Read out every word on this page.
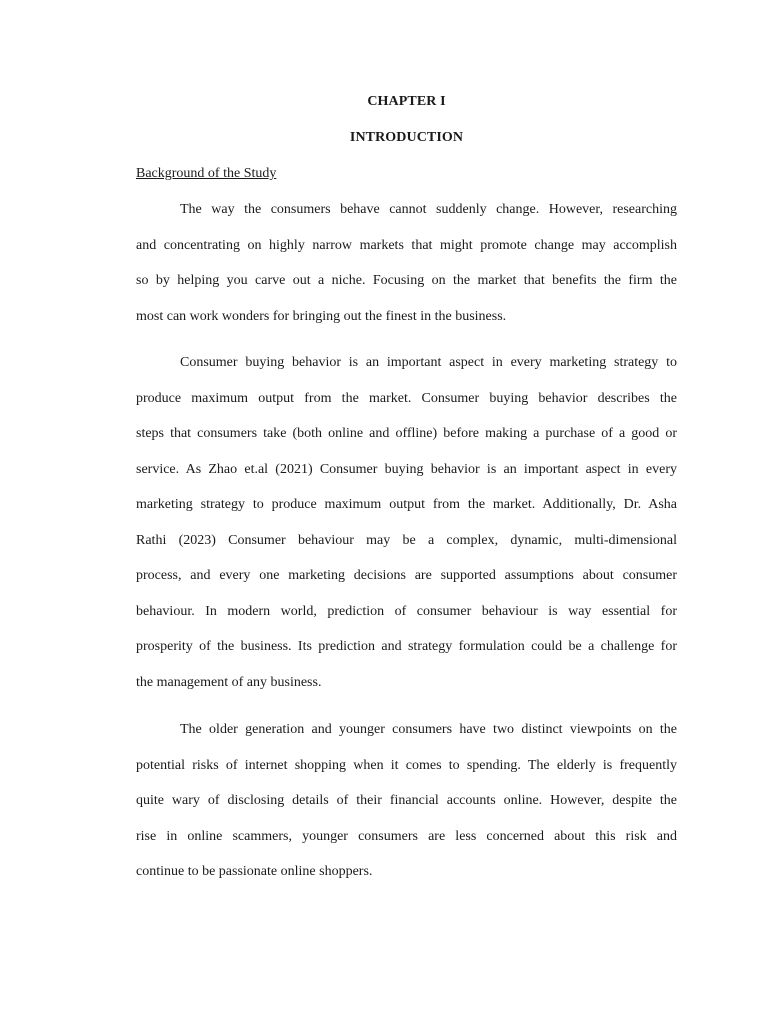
CHAPTER I
INTRODUCTION
Background of the Study
The way the consumers behave cannot suddenly change. However, researching
and concentrating on highly narrow markets that might promote change may accomplish
so by helping you carve out a niche. Focusing on the market that benefits the firm the
most can work wonders for bringing out the finest in the business.
Consumer buying behavior is an important aspect in every marketing strategy to
produce maximum output from the market. Consumer buying behavior describes the
steps that consumers take (both online and offline) before making a purchase of a good or
service. As Zhao et.al (2021) Consumer buying behavior is an important aspect in every
marketing strategy to produce maximum output from the market. Additionally, Dr. Asha
Rathi (2023) Consumer behaviour may be a complex, dynamic, multi-dimensional
process, and every one marketing decisions are supported assumptions about consumer
behaviour. In modern world, prediction of consumer behaviour is way essential for
prosperity of the business. Its prediction and strategy formulation could be a challenge for
the management of any business.
The older generation and younger consumers have two distinct viewpoints on the
potential risks of internet shopping when it comes to spending. The elderly is frequently
quite wary of disclosing details of their financial accounts online. However, despite the
rise in online scammers, younger consumers are less concerned about this risk and
continue to be passionate online shoppers.
